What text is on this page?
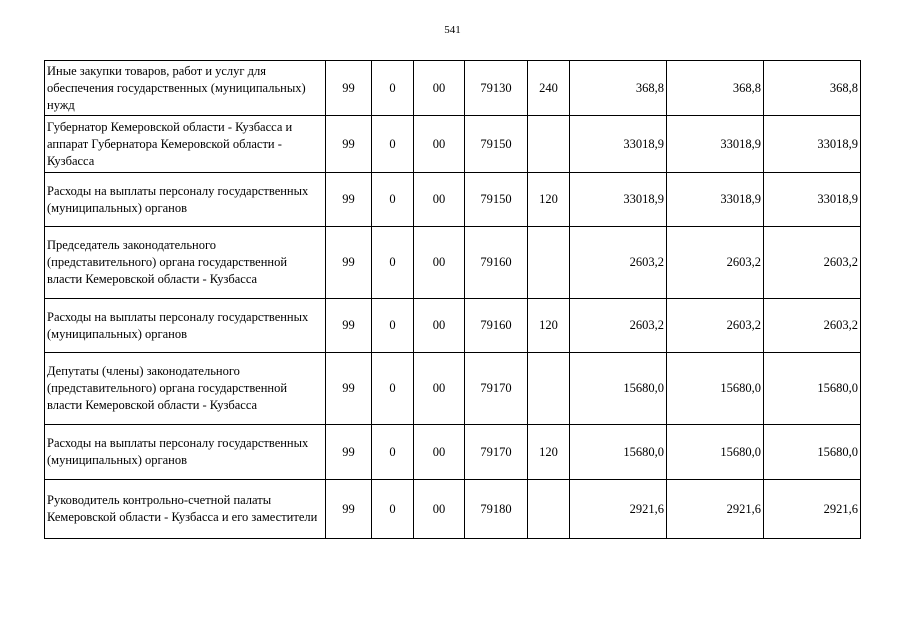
541
Иные закупки товаров, работ и услуг для обеспечения государственных (муниципальных) нужд	99	0	00	79130	240	368,8	368,8	368,8
Губернатор Кемеровской области - Кузбасса и аппарат Губернатора Кемеровской области - Кузбасса	99	0	00	79150		33018,9	33018,9	33018,9
Расходы на выплаты персоналу государственных (муниципальных) органов	99	0	00	79150	120	33018,9	33018,9	33018,9
Председатель законодательного (представительного) органа государственной власти Кемеровской области - Кузбасса	99	0	00	79160		2603,2	2603,2	2603,2
Расходы на выплаты персоналу государственных (муниципальных) органов	99	0	00	79160	120	2603,2	2603,2	2603,2
Депутаты (члены) законодательного (представительного) органа государственной власти Кемеровской области - Кузбасса	99	0	00	79170		15680,0	15680,0	15680,0
Расходы на выплаты персоналу государственных (муниципальных) органов	99	0	00	79170	120	15680,0	15680,0	15680,0
Руководитель контрольно-счетной палаты Кемеровской области - Кузбасса и его заместители	99	0	00	79180		2921,6	2921,6	2921,6
